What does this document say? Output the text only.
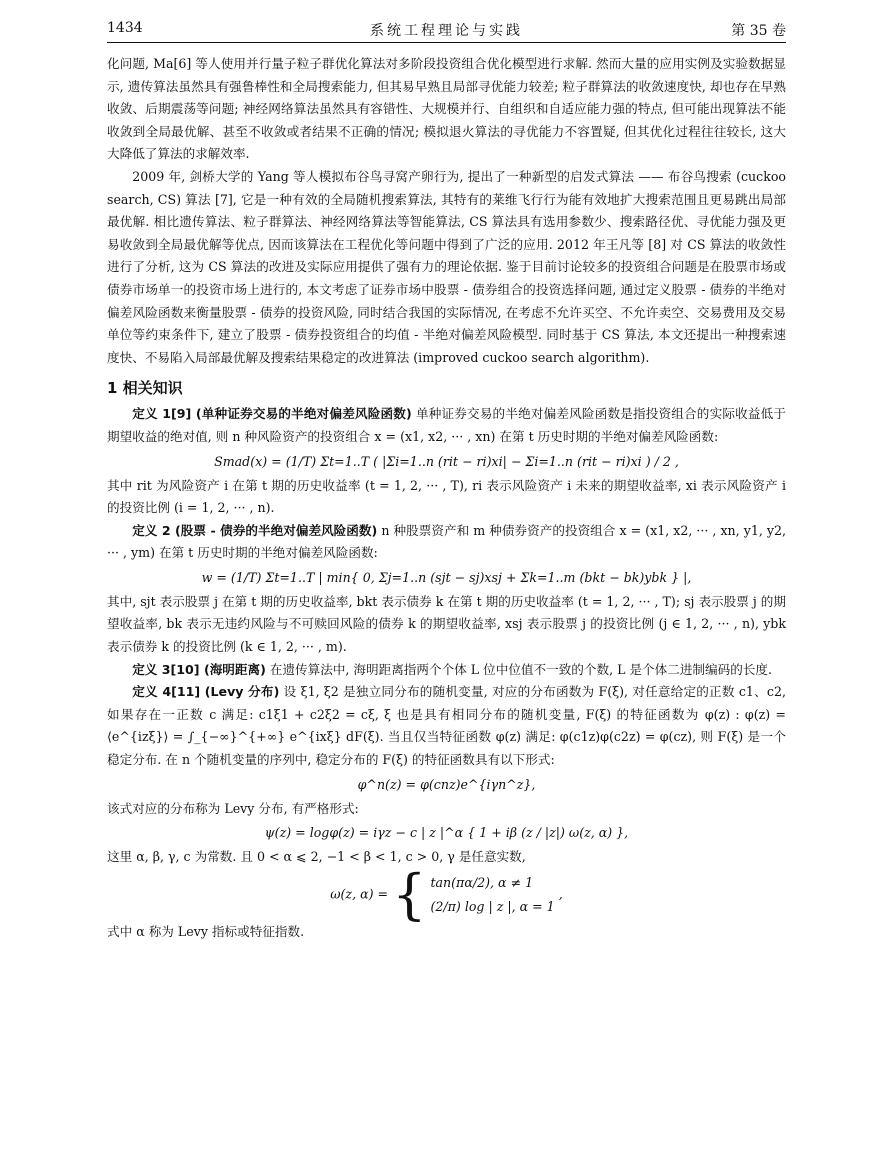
1434	系统工程理论与实践	第 35 卷

化问题, Ma[6] 等人使用并行量子粒子群优化算法对多阶段投资组合优化模型进行求解. 然而大量的应用实例及实验数据显示, 遗传算法虽然具有强鲁棒性和全局搜索能力, 但其易早熟且局部寻优能力较差; 粒子群算法的收敛速度快, 却也存在早熟收敛、后期震荡等问题; 神经网络算法虽然具有容错性、大规模并行、自组织和自适应能力强的特点, 但可能出现算法不能收敛到全局最优解、甚至不收敛或者结果不正确的情况; 模拟退火算法的寻优能力不容置疑, 但其优化过程往往较长, 这大大降低了算法的求解效率.

2009 年, 剑桥大学的 Yang 等人模拟布谷鸟寻窝产卵行为, 提出了一种新型的启发式算法 —— 布谷鸟搜索 (cuckoo search, CS) 算法 [7], 它是一种有效的全局随机搜索算法, 其特有的莱维飞行行为能有效地扩大搜索范围且更易跳出局部最优解. 相比遗传算法、粒子群算法、神经网络算法等智能算法, CS 算法具有选用参数少、搜索路径优、寻优能力强及更易收敛到全局最优解等优点, 因而该算法在工程优化等问题中得到了广泛的应用. 2012 年王凡等 [8] 对 CS 算法的收敛性进行了分析, 这为 CS 算法的改进及实际应用提供了强有力的理论依据. 鉴于目前讨论较多的投资组合问题是在股票市场或债券市场单一的投资市场上进行的, 本文考虑了证券市场中股票 - 债券组合的投资选择问题, 通过定义股票 - 债券的半绝对偏差风险函数来衡量股票 - 债券的投资风险, 同时结合我国的实际情况, 在考虑不允许买空、不允许卖空、交易费用及交易单位等约束条件下, 建立了股票 - 债券投资组合的均值 - 半绝对偏差风险模型. 同时基于 CS 算法, 本文还提出一种搜索速度快、不易陷入局部最优解及搜索结果稳定的改进算法 (improved cuckoo search algorithm).

1 相关知识

定义 1[9] (单种证券交易的半绝对偏差风险函数) 单种证券交易的半绝对偏差风险函数是指投资组合的实际收益低于期望收益的绝对值, 则 n 种风险资产的投资组合 x = (x1, x2, ··· , xn) 在第 t 历史时期的半绝对偏差风险函数:

Smad(x) = (1/T) Σt=1..T ( |Σi=1..n (rit − ri)xi| − Σi=1..n (rit − ri)xi ) / 2 ,

其中 rit 为风险资产 i 在第 t 期的历史收益率 (t = 1, 2, ··· , T), ri 表示风险资产 i 未来的期望收益率, xi 表示风险资产 i 的投资比例 (i = 1, 2, ··· , n).

定义 2 (股票 - 债券的半绝对偏差风险函数) n 种股票资产和 m 种债券资产的投资组合 x = (x1, x2, ··· , xn, y1, y2, ··· , ym) 在第 t 历史时期的半绝对偏差风险函数:

w = (1/T) Σt=1..T | min{ 0, Σj=1..n (sjt − sj)xsj + Σk=1..m (bkt − bk)ybk } |,

其中, sjt 表示股票 j 在第 t 期的历史收益率, bkt 表示债券 k 在第 t 期的历史收益率 (t = 1, 2, ··· , T); sj 表示股票 j 的期望收益率, bk 表示无违约风险与不可赎回风险的债券 k 的期望收益率, xsj 表示股票 j 的投资比例 (j ∈ 1, 2, ··· , n), ybk 表示债券 k 的投资比例 (k ∈ 1, 2, ··· , m).

定义 3[10] (海明距离) 在遗传算法中, 海明距离指两个个体 L 位中位值不一致的个数, L 是个体二进制编码的长度.

定义 4[11] (Levy 分布) 设 ξ1, ξ2 是独立同分布的随机变量, 对应的分布函数为 F(ξ), 对任意给定的正数 c1、c2, 如果存在一正数 c 满足: c1ξ1 + c2ξ2 = cξ, ξ 也是具有相同分布的随机变量, F(ξ) 的特征函数为 φ(z) : φ(z) = ⟨e^{izξ}⟩ = ∫_{−∞}^{+∞} e^{ixξ} dF(ξ). 当且仅当特征函数 φ(z) 满足: φ(c1z)φ(c2z) = φ(cz), 则 F(ξ) 是一个稳定分布. 在 n 个随机变量的序列中, 稳定分布的 F(ξ) 的特征函数具有以下形式:

φ^n(z) = φ(cnz)e^{iγn^z},

该式对应的分布称为 Levy 分布, 有严格形式:

ψ(z) = logφ(z) = iγz − c | z |^α { 1 + iβ (z / |z|) ω(z, α) },

这里 α, β, γ, c 为常数. 且 0 < α ⩽ 2, −1 < β < 1, c > 0, γ 是任意实数,

ω(z, α) = { tan(πα/2), α ≠ 1
(2/π) log | z |, α = 1
,

式中 α 称为 Levy 指标或特征指数.
